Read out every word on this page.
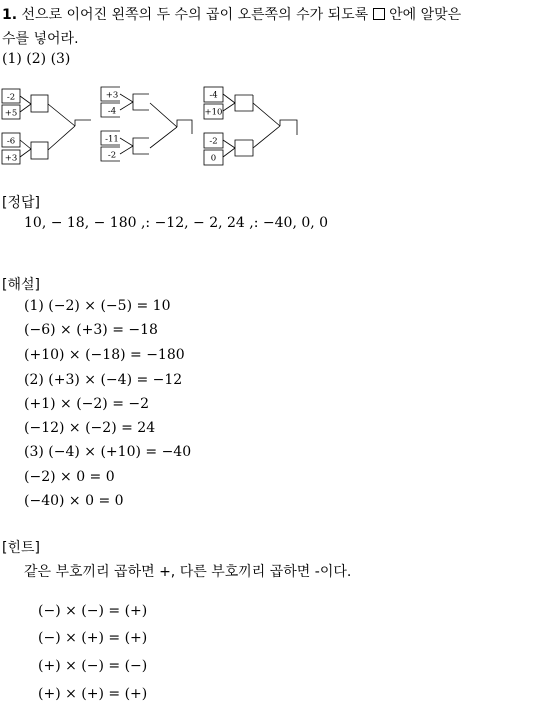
1. 선으로 이어진 왼쪽의 두 수의 곱이 오른쪽의 수가 되도록 안에 알맞은
수를 넣어라.
(1) (2) (3)
-2
+5
-6
+3
+3
-4
-11
-2
-4
+10
-2
0
[정답]
10, − 18, − 180 ,: −12, − 2, 24 ,: −40, 0, 0
[해설]
(1) (−2) × (−5) = 10
(−6) × (+3) = −18
(+10) × (−18) = −180
(2) (+3) × (−4) = −12
(+1) × (−2) = −2
(−12) × (−2) = 24
(3) (−4) × (+10) = −40
(−2) × 0 = 0
(−40) × 0 = 0
[힌트]
같은 부호끼리 곱하면 +, 다른 부호끼리 곱하면 -이다.
(−) × (−) = (+)
(−) × (+) = (+)
(+) × (−) = (−)
(+) × (+) = (+)
